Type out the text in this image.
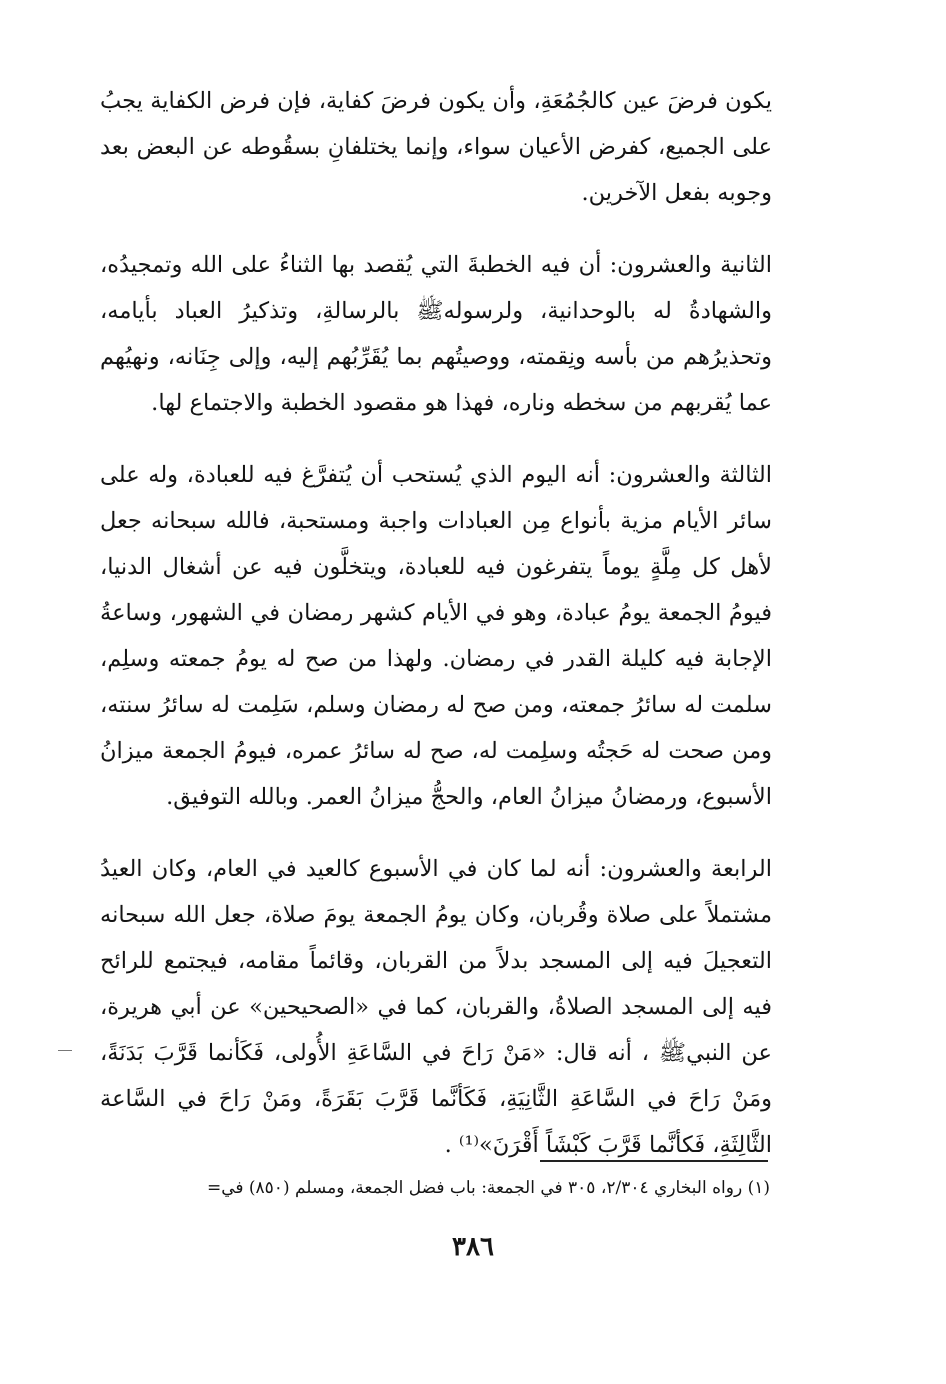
يكون فرضَ عين كالجُمُعَةِ، وأن يكون فرضَ كفاية، فإن فرض الكفاية يجبُ على الجميع، كفرض الأعيان سواء، وإنما يختلفانِ بسقُوطه عن البعض بعد وجوبه بفعل الآخرين.

الثانية والعشرون: أن فيه الخطبةَ التي يُقصد بها الثناءُ على الله وتمجيدُه، والشهادةُ له بالوحدانية، ولرسولهﷺ بالرسالةِ، وتذكيرُ العباد بأيامه، وتحذيرُهم من بأسه ونِقمته، ووصيتُهم بما يُقَرِّبُهم إليه، وإلى جِنَانه، ونهيُهم عما يُقربهم من سخطه وناره، فهذا هو مقصود الخطبة والاجتماع لها.

الثالثة والعشرون: أنه اليوم الذي يُستحب أن يُتفرَّغ فيه للعبادة، وله على سائر الأيام مزية بأنواع مِن العبادات واجبة ومستحبة، فالله سبحانه جعل لأهل كل مِلَّةٍ يوماً يتفرغون فيه للعبادة، ويتخلَّون فيه عن أشغال الدنيا، فيومُ الجمعة يومُ عبادة، وهو في الأيام كشهر رمضان في الشهور، وساعةُ الإجابة فيه كليلة القدر في رمضان. ولهذا من صح له يومُ جمعته وسلِم، سلمت له سائرُ جمعته، ومن صح له رمضان وسلم، سَلِمت له سائرُ سنته، ومن صحت له حَجتُه وسلِمت له، صح له سائرُ عمره، فيومُ الجمعة ميزانُ الأسبوع، ورمضانُ ميزانُ العام، والحجُّ ميزانُ العمر. وبالله التوفيق.

الرابعة والعشرون: أنه لما كان في الأسبوع كالعيد في العام، وكان العيدُ مشتملاً على صلاة وقُربان، وكان يومُ الجمعة يومَ صلاة، جعل الله سبحانه التعجيلَ فيه إلى المسجد بدلاً من القربان، وقائماً مقامه، فيجتمع للرائح فيه إلى المسجد الصلاةُ، والقربان، كما في «الصحيحين» عن أبي هريرة، عن النبيﷺ ، أنه قال: «مَنْ رَاحَ في السَّاعَةِ الأُولى، فَكَأنما قَرَّبَ بَدَنَةً، ومَنْ رَاحَ في السَّاعَةِ الثَّانِيَةِ، فَكَأنَّما قَرَّبَ بَقَرَةً، ومَنْ رَاحَ في السَّاعة الثَّالِثَةِ، فَكأنَّما قَرَّبَ كَبْشَاً أَقْرَنَ»⁽¹⁾ .

(١) رواه البخاري ٢/٣٠٤، ٣٠٥ في الجمعة: باب فضل الجمعة، ومسلم (٨٥٠) في=
٣٨٦
